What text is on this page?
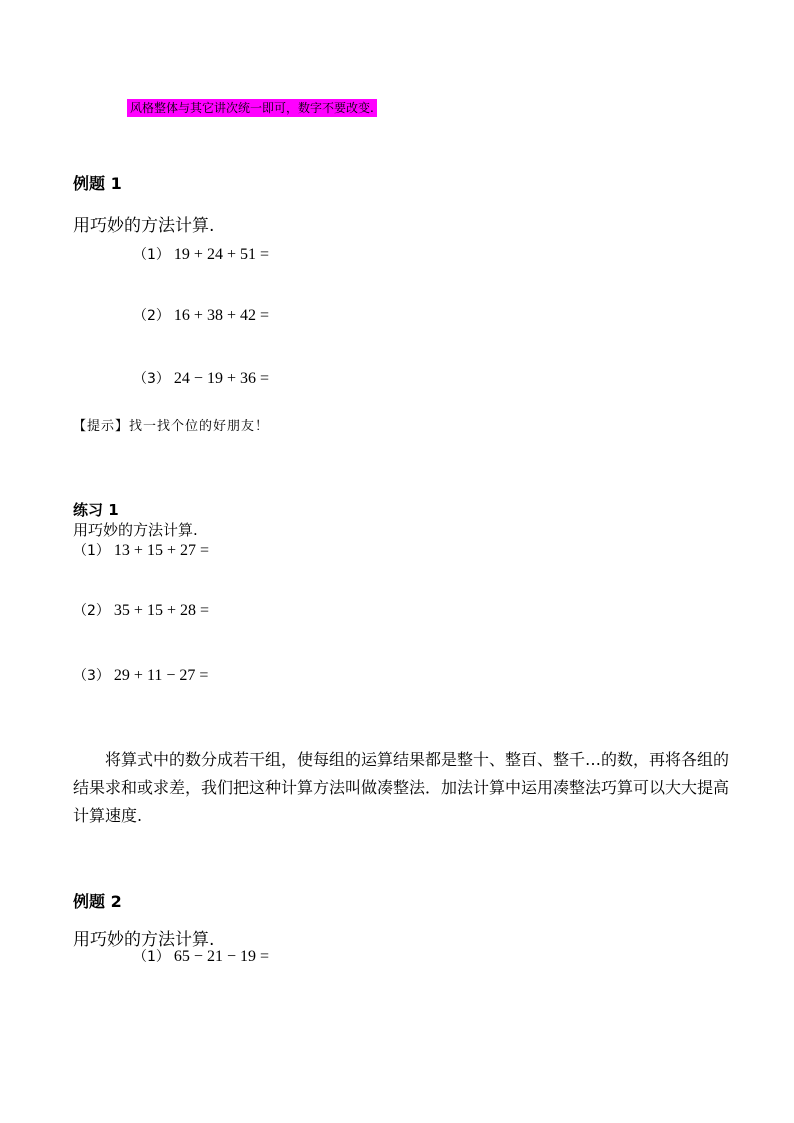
风格整体与其它讲次统一即可，数字不要改变.
例题 1
用巧妙的方法计算.
（1） 19 + 24 + 51 =
（2） 16 + 38 + 42 =
（3） 24 − 19 + 36 =
【提示】找一找个位的好朋友！
练习 1
用巧妙的方法计算.
（1） 13 + 15 + 27 =
（2） 35 + 15 + 28 =
（3） 29 + 11 − 27 =
将算式中的数分成若干组，使每组的运算结果都是整十、整百、整千…的数，再将各组的
结果求和或求差，我们把这种计算方法叫做凑整法．加法计算中运用凑整法巧算可以大大提高
计算速度.
例题 2
用巧妙的方法计算.
（1） 65 − 21 − 19 =
